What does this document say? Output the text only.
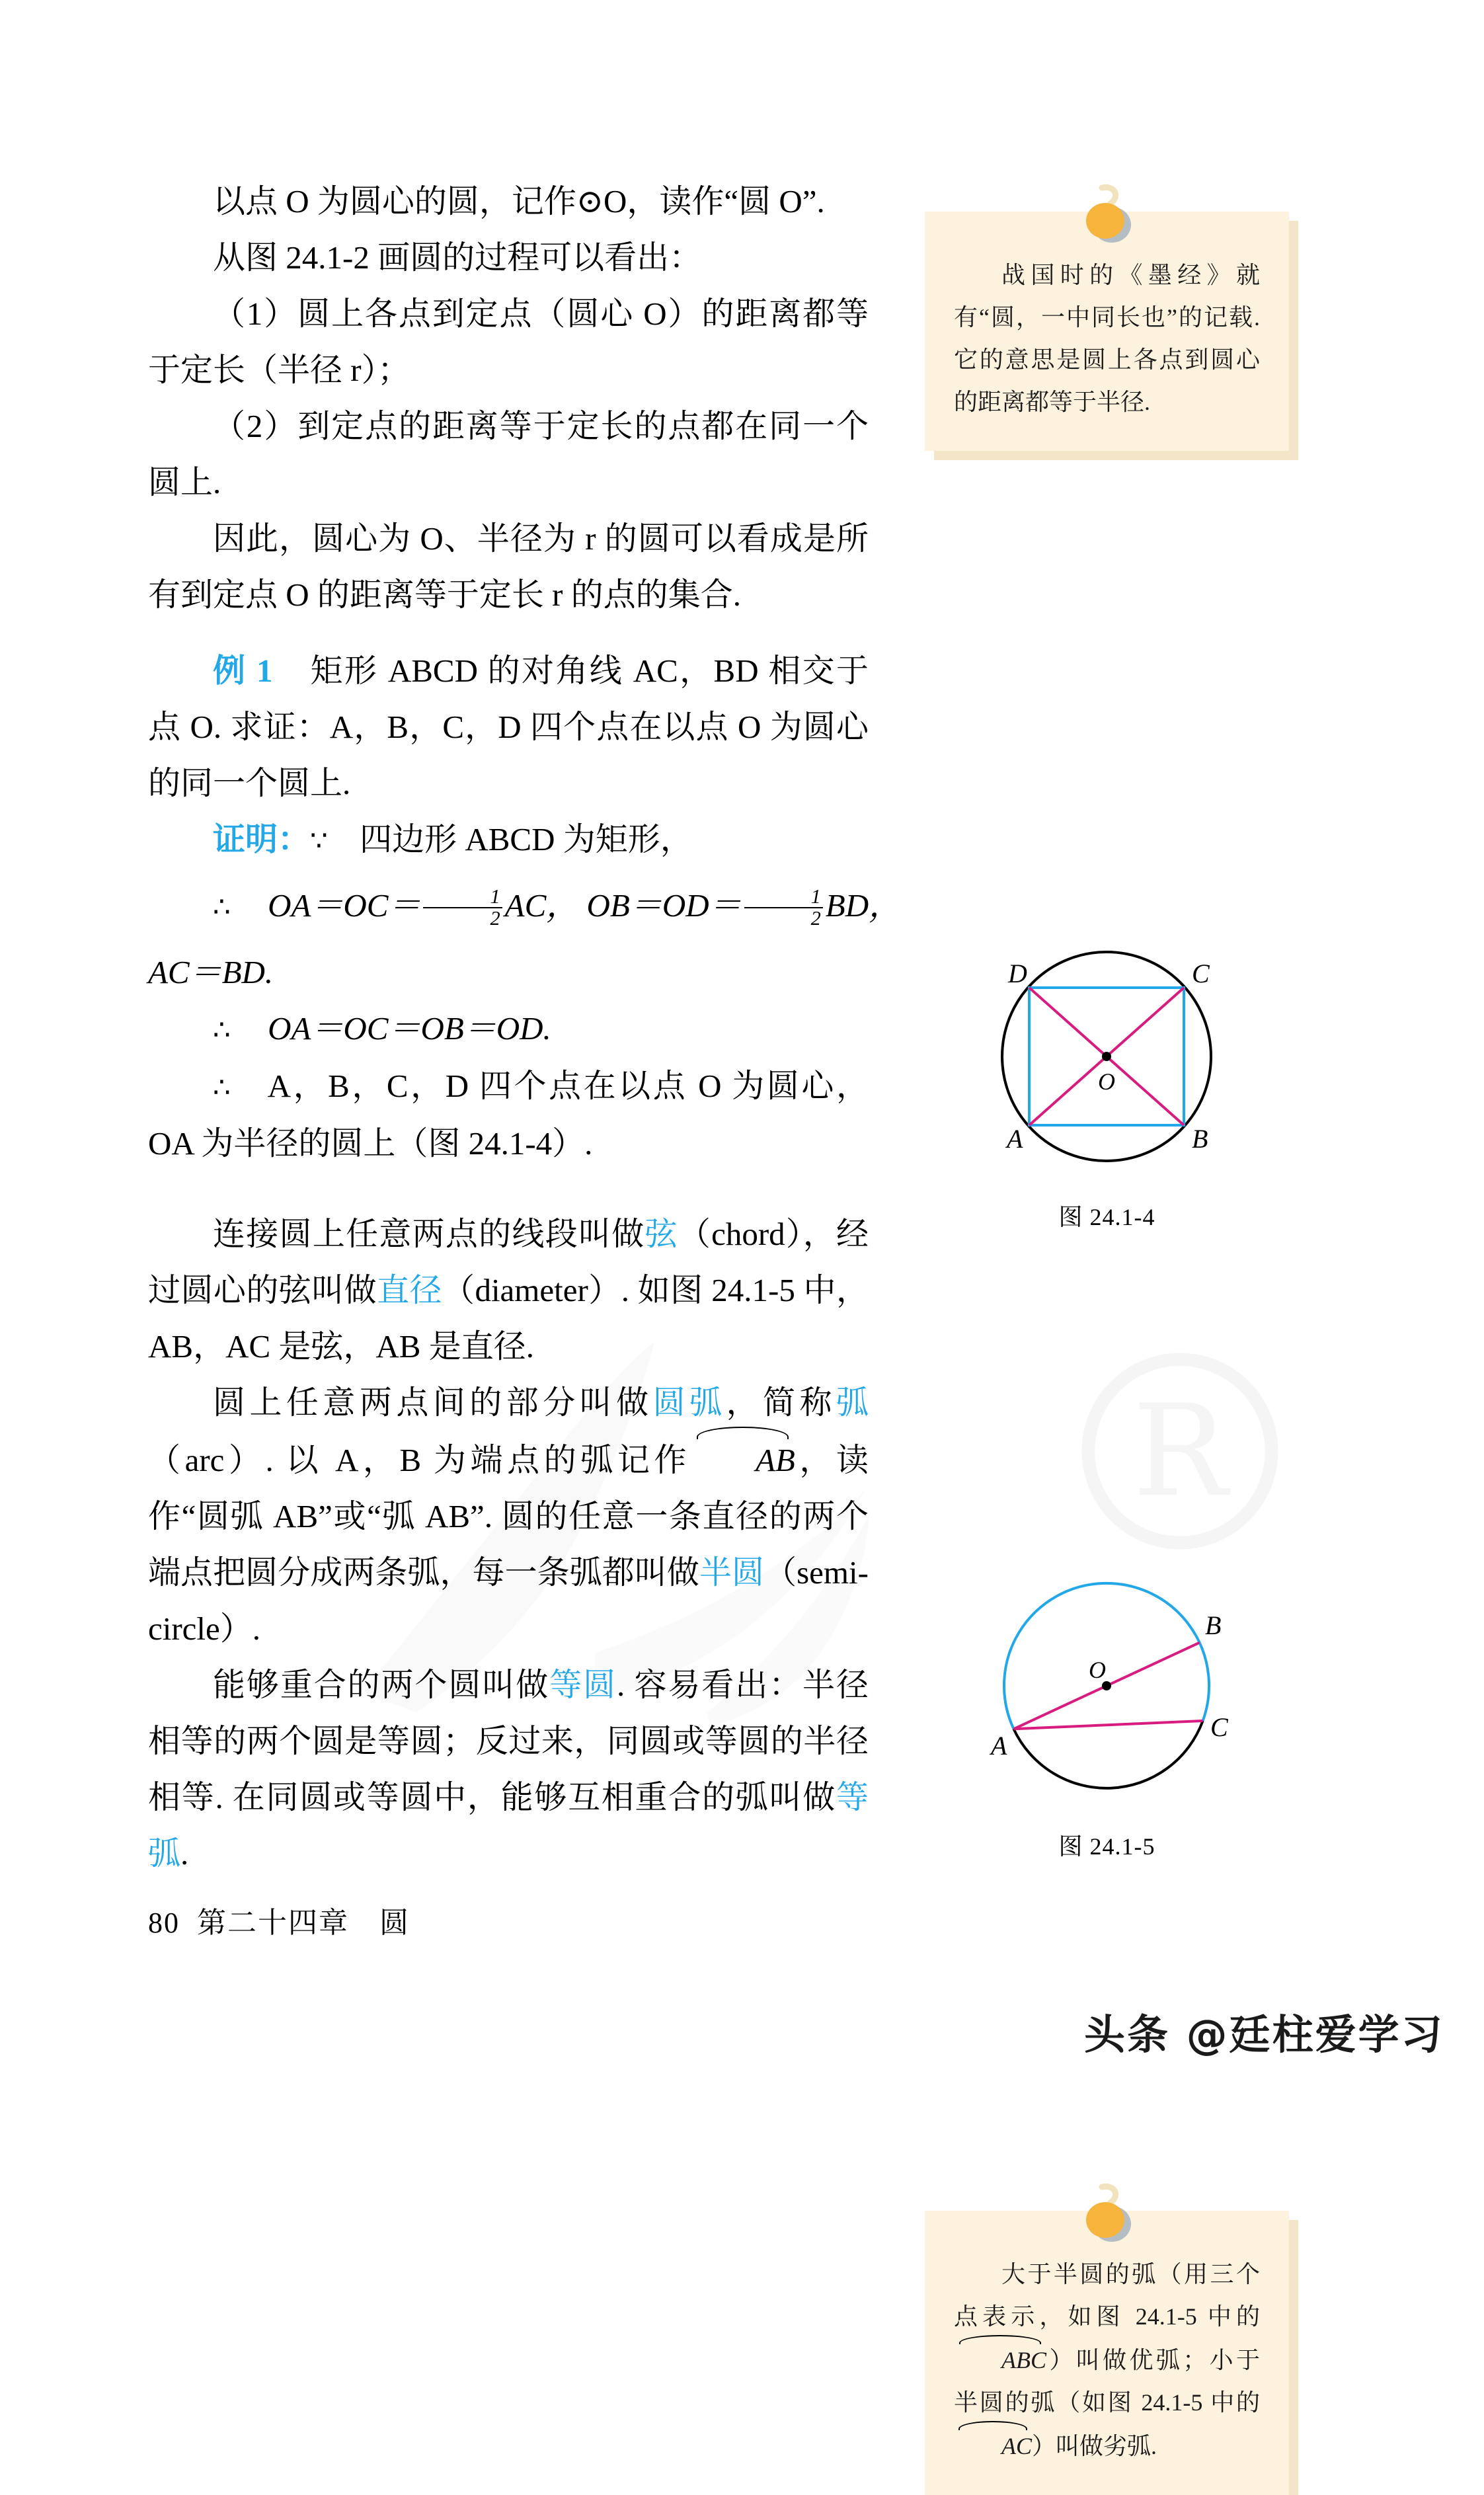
R

以点 O 为圆心的圆，记作⊙O，读作“圆 O”.

从图 24.1-2 画圆的过程可以看出：

（1）圆上各点到定点（圆心 O）的距离都等于定长（半径 r）；

（2）到定点的距离等于定长的点都在同一个圆上.

因此，圆心为 O、半径为 r 的圆可以看成是所有到定点 O 的距离等于定长 r 的点的集合.

例 1 矩形 ABCD 的对角线 AC，BD 相交于点 O. 求证：A，B，C，D 四个点在以点 O 为圆心的同一个圆上.

证明：∵ 四边形 ABCD 为矩形，

∴ $OA=OC= \frac{1}{2}$ AC， $OB=OD= \frac{1}{2}$ BD，

AC＝BD.

∴ OA＝OC＝OB＝OD.

∴ A，B，C，D 四个点在以点 O 为圆心，OA 为半径的圆上（图 24.1-4）.

连接圆上任意两点的线段叫做弦（chord），经过圆心的弦叫做直径（diameter）. 如图 24.1-5 中，AB，AC 是弦，AB 是直径.

圆上任意两点间的部分叫做圆弧，简称弧（arc）. 以 A，B 为端点的弧记作 AB，读作“圆弧 AB”或“弧 AB”. 圆的任意一条直径的两个端点把圆分成两条弧，每一条弧都叫做半圆（semi-circle）.

能够重合的两个圆叫做等圆. 容易看出：半径相等的两个圆是等圆；反过来，同圆或等圆的半径相等. 在同圆或等圆中，能够互相重合的弧叫做等弧.

战国时的《墨经》就有“圆，一中同长也”的记载. 它的意思是圆上各点到圆心的距离都等于半径.

D	C
A	B
O
图 24.1-4
B
C
A
O
图 24.1-5

大于半圆的弧（用三个点表示，如图 24.1-5 中的ABC）叫做优弧；小于半圆的弧（如图 24.1-5 中的AC）叫做劣弧.

80 第二十四章　圆
头条 @廷柱爱学习
